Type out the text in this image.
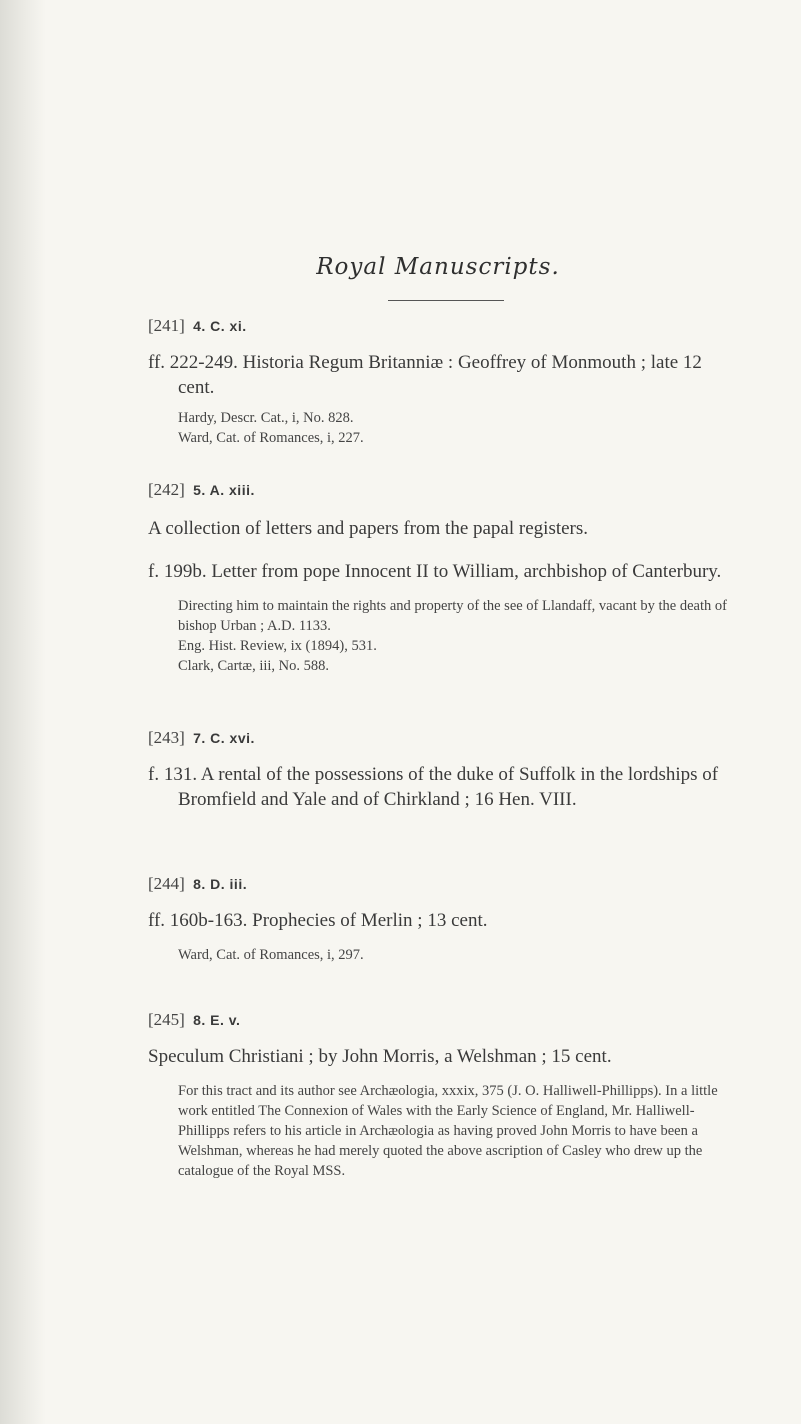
Royal Manuscripts.
[241] 4. C. xi.
ff. 222-249. Historia Regum Britanniæ : Geoffrey of Monmouth ; late 12 cent.
Hardy, Descr. Cat., i, No. 828.
Ward, Cat. of Romances, i, 227.
[242] 5. A. xiii.
A collection of letters and papers from the papal registers.
f. 199b. Letter from pope Innocent II to William, archbishop of Canterbury.
Directing him to maintain the rights and property of the see of Llandaff, vacant by the death of bishop Urban ; A.D. 1133.
Eng. Hist. Review, ix (1894), 531.
Clark, Cartæ, iii, No. 588.
[243] 7. C. xvi.
f. 131. A rental of the possessions of the duke of Suffolk in the lordships of Bromfield and Yale and of Chirkland ; 16 Hen. VIII.
[244] 8. D. iii.
ff. 160b-163. Prophecies of Merlin ; 13 cent.
Ward, Cat. of Romances, i, 297.
[245] 8. E. v.
Speculum Christiani ; by John Morris, a Welshman ; 15 cent.
For this tract and its author see Archæologia, xxxix, 375 (J. O. Halliwell-Phillipps). In a little work entitled The Connexion of Wales with the Early Science of England, Mr. Halliwell-Phillipps refers to his article in Archæologia as having proved John Morris to have been a Welshman, whereas he had merely quoted the above ascription of Casley who drew up the catalogue of the Royal MSS.
